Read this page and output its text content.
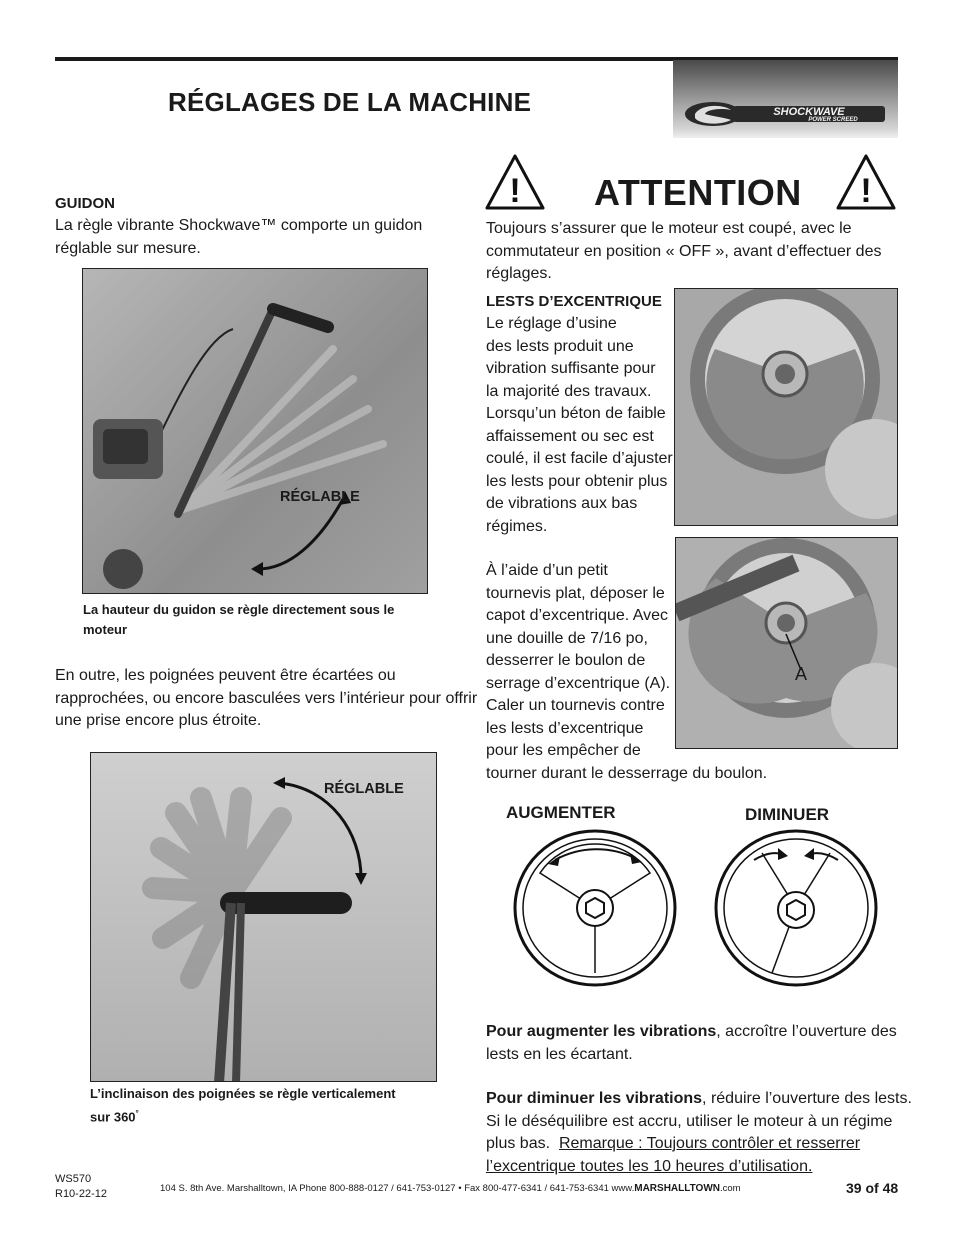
RÉGLAGES DE LA MACHINE	SHOCKWAVE
POWER SCREED
GUIDON
La règle vibrante Shockwave™ comporte un guidon
réglable sur mesure.
RÉGLABLE
La hauteur du guidon se règle directement sous le
moteur
En outre, les poignées peuvent être écartées ou
rapprochées, ou encore basculées vers l’intérieur pour offrir
une prise encore plus étroite.
RÉGLABLE
L’inclinaison des poignées se règle verticalement
sur 360°
! ATTENTION !
Toujours s’assurer que le moteur est coupé, avec le
commutateur en position « OFF », avant d’effectuer des
réglages.
LESTS D’EXCENTRIQUE
Le réglage d’usine
des lests produit une
vibration suffisante pour
la majorité des travaux.
Lorsqu’un béton de faible
affaissement ou sec est
coulé, il est facile d’ajuster
les lests pour obtenir plus
de vibrations aux bas
régimes.
À l’aide d’un petit
tournevis plat, déposer le
capot d’excentrique. Avec
une douille de 7/16 po,
desserrer le boulon de
serrage d’excentrique (A).
Caler un tournevis contre
les lests d’excentrique
pour les empêcher de
tourner durant le desserrage du boulon.
A
AUGMENTER	DIMINUER
Pour augmenter les vibrations, accroître l’ouverture des
lests en les écartant.
Pour diminuer les vibrations, réduire l’ouverture des lests.
Si le déséquilibre est accru, utiliser le moteur à un régime
plus bas.  Remarque : Toujours contrôler et resserrer
l’excentrique toutes les 10 heures d’utilisation.
WS570
R10-22-12	104 S. 8th Ave. Marshalltown, IA Phone 800-888-0127 / 641-753-0127 • Fax 800-477-6341 / 641-753-6341 www.MARSHALLTOWN.com	39 of 48
